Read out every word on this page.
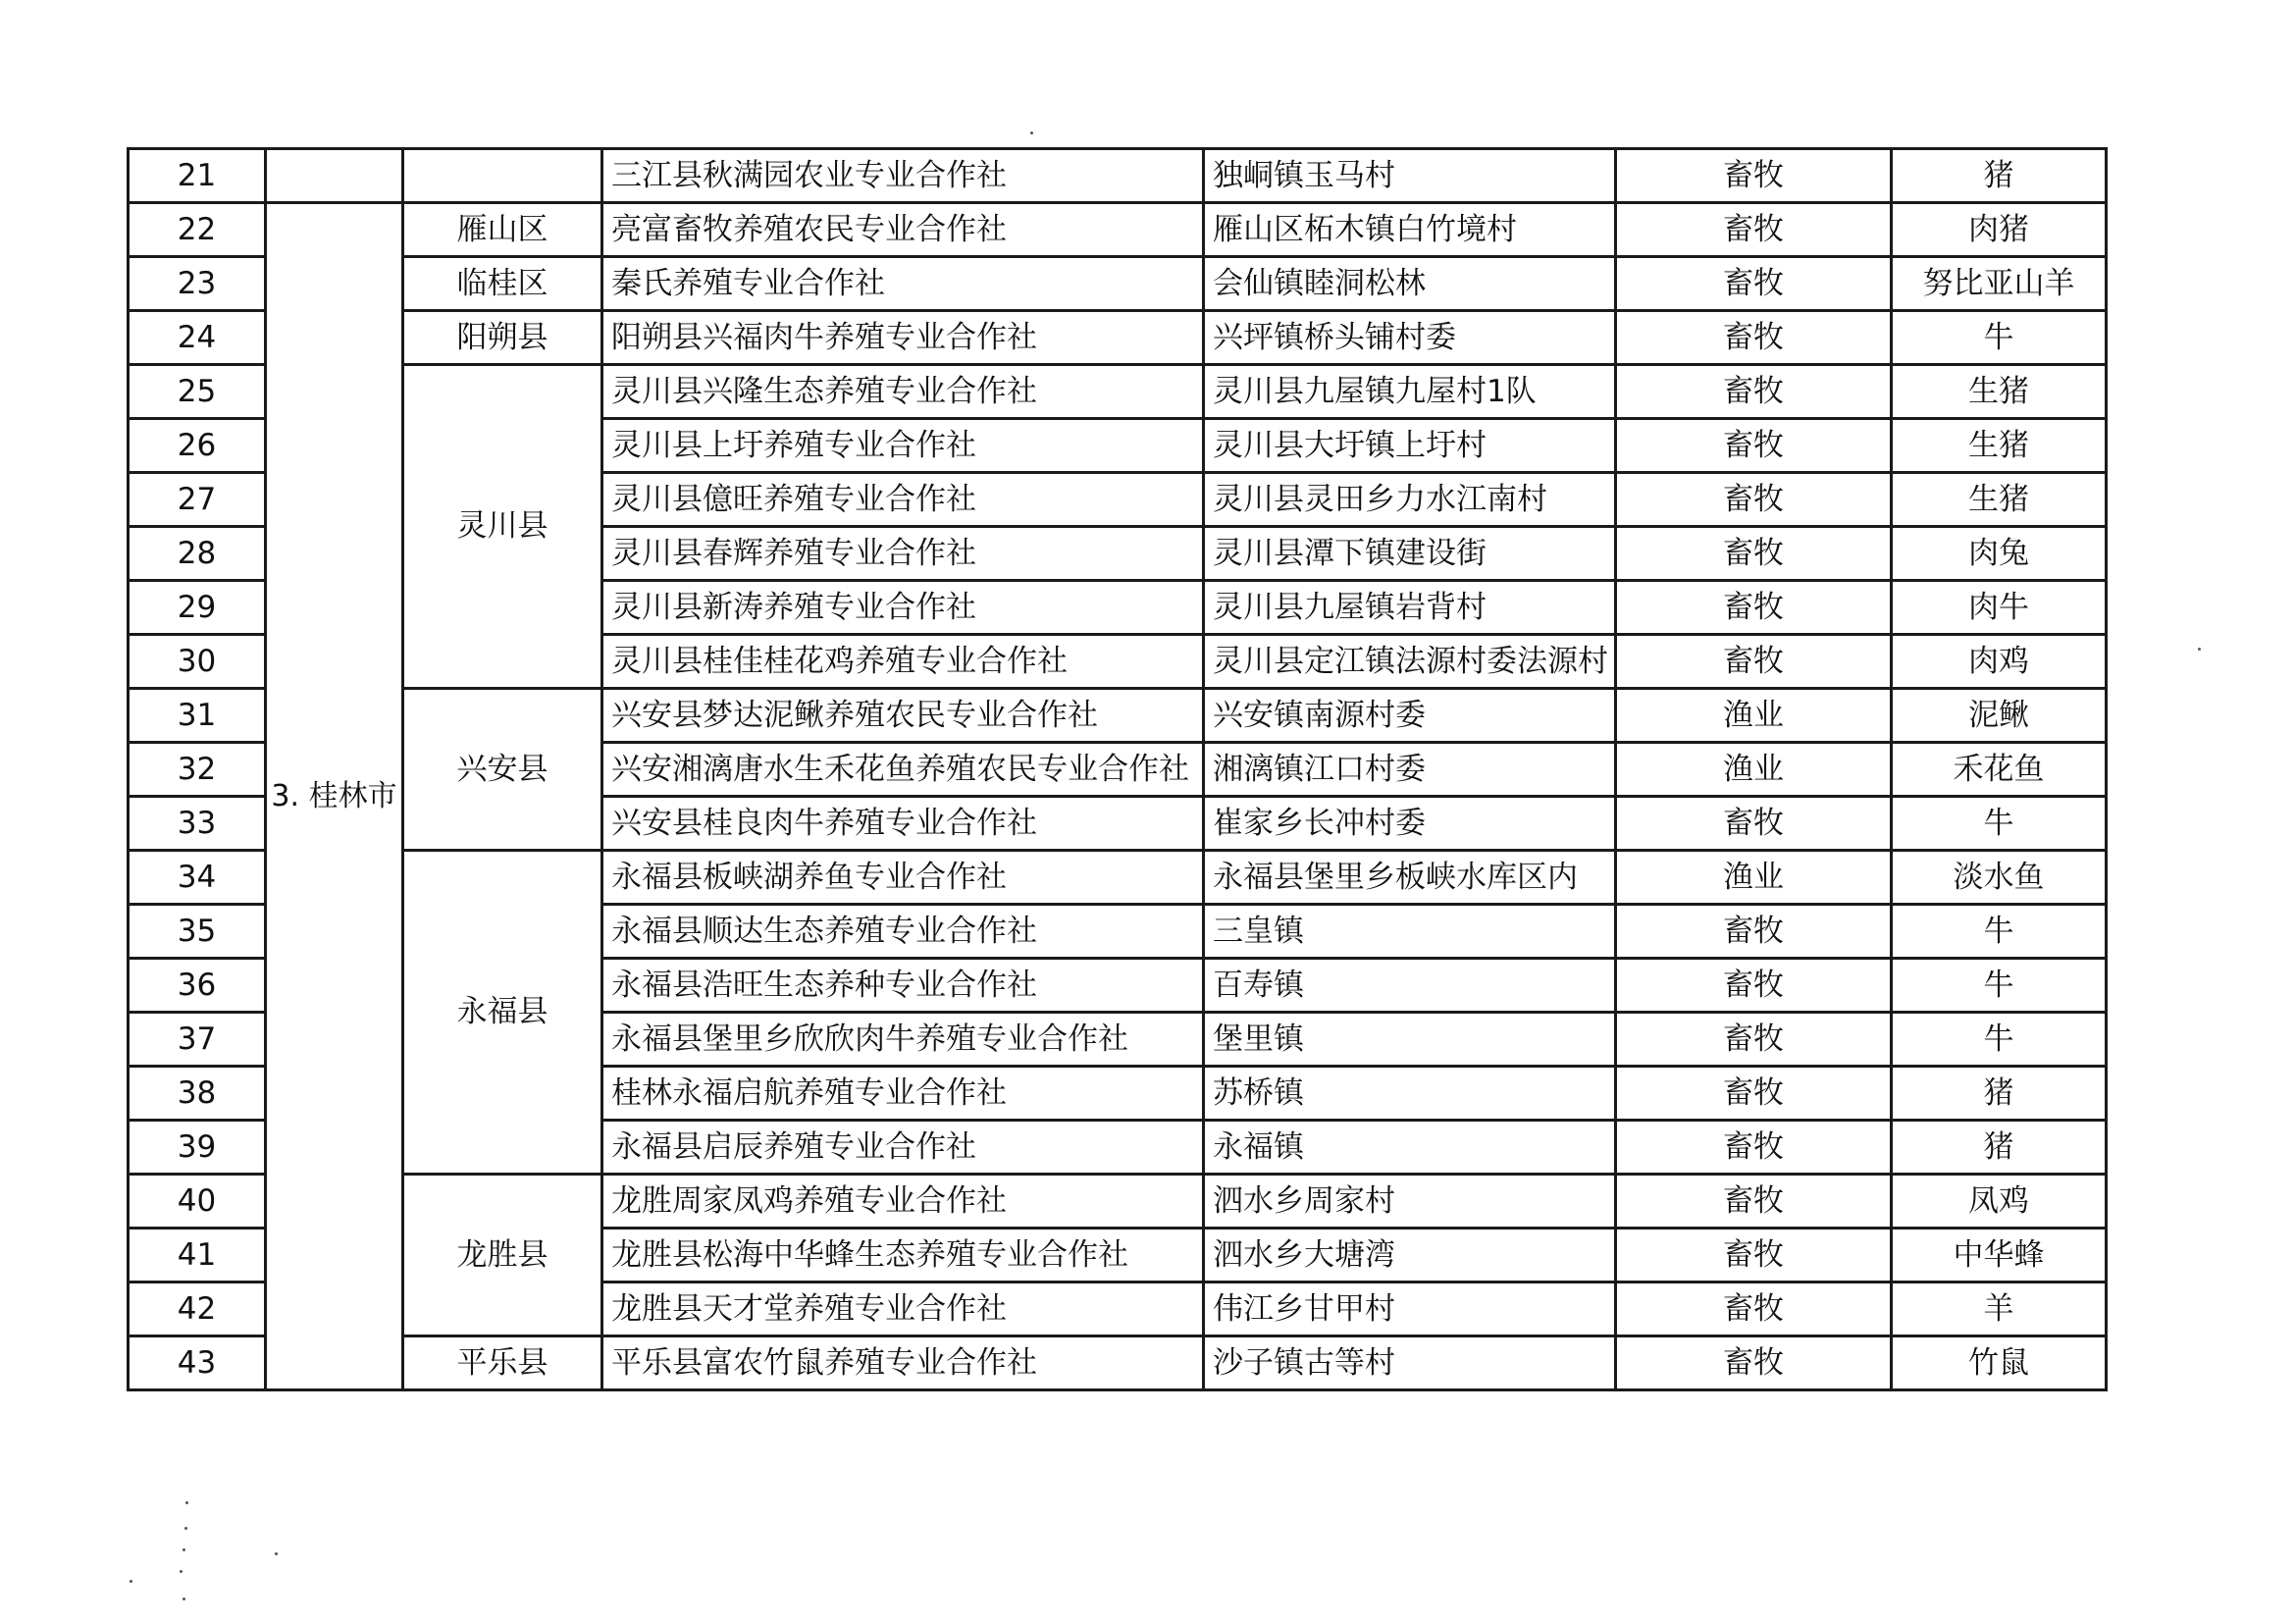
21			三江县秋满园农业专业合作社	独峒镇玉马村	畜牧	猪
22	3. 桂林市	雁山区	亮富畜牧养殖农民专业合作社	雁山区柘木镇白竹境村	畜牧	肉猪
23		临桂区	秦氏养殖专业合作社	会仙镇睦洞松林	畜牧	努比亚山羊
24		阳朔县	阳朔县兴福肉牛养殖专业合作社	兴坪镇桥头铺村委	畜牧	牛
25		灵川县	灵川县兴隆生态养殖专业合作社	灵川县九屋镇九屋村1队	畜牧	生猪
26			灵川县上圩养殖专业合作社	灵川县大圩镇上圩村	畜牧	生猪
27			灵川县億旺养殖专业合作社	灵川县灵田乡力水江南村	畜牧	生猪
28			灵川县春辉养殖专业合作社	灵川县潭下镇建设街	畜牧	肉兔
29			灵川县新涛养殖专业合作社	灵川县九屋镇岩背村	畜牧	肉牛
30			灵川县桂佳桂花鸡养殖专业合作社	灵川县定江镇法源村委法源村	畜牧	肉鸡
31		兴安县	兴安县梦达泥鳅养殖农民专业合作社	兴安镇南源村委	渔业	泥鳅
32			兴安湘漓唐水生禾花鱼养殖农民专业合作社	湘漓镇江口村委	渔业	禾花鱼
33			兴安县桂良肉牛养殖专业合作社	崔家乡长冲村委	畜牧	牛
34		永福县	永福县板峡湖养鱼专业合作社	永福县堡里乡板峡水库区内	渔业	淡水鱼
35			永福县顺达生态养殖专业合作社	三皇镇	畜牧	牛
36			永福县浩旺生态养种专业合作社	百寿镇	畜牧	牛
37			永福县堡里乡欣欣肉牛养殖专业合作社	堡里镇	畜牧	牛
38			桂林永福启航养殖专业合作社	苏桥镇	畜牧	猪
39			永福县启辰养殖专业合作社	永福镇	畜牧	猪
40		龙胜县	龙胜周家凤鸡养殖专业合作社	泗水乡周家村	畜牧	凤鸡
41			龙胜县松海中华蜂生态养殖专业合作社	泗水乡大塘湾	畜牧	中华蜂
42			龙胜县天才堂养殖专业合作社	伟江乡甘甲村	畜牧	羊
43		平乐县	平乐县富农竹鼠养殖专业合作社	沙子镇古等村	畜牧	竹鼠
